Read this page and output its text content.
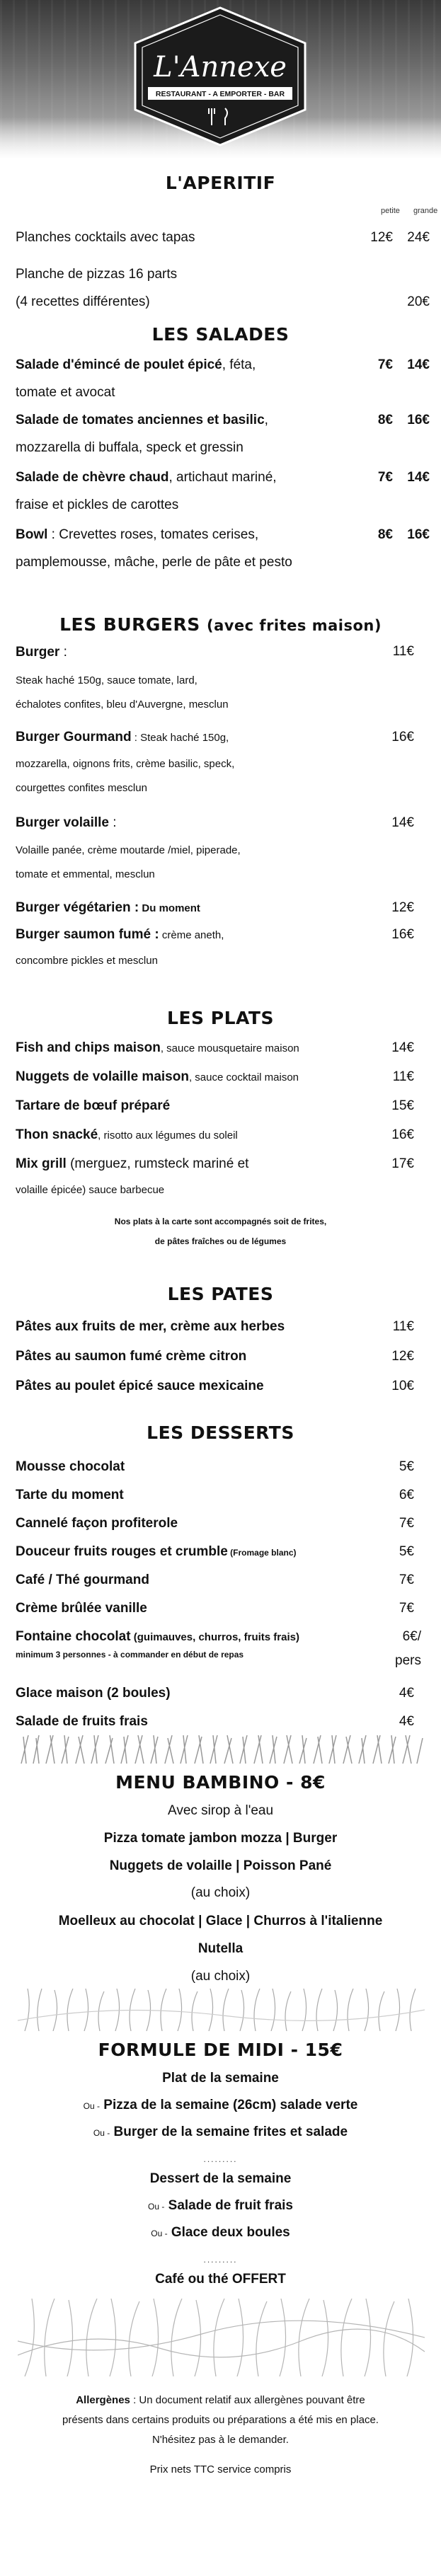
L'Annexe
RESTAURANT - A EMPORTER - BAR
L'APERITIF
petite grande
Planches cocktails avec tapas	12€	24€
Planche de pizzas 16 parts
(4 recettes différentes)	20€
LES SALADES
Salade d'émincé de poulet épicé, féta,
tomate et avocat
7€	14€
Salade de tomates anciennes et basilic,
mozzarella di buffala, speck et gressin
8€	16€
Salade de chèvre chaud, artichaut mariné,
fraise et pickles de carottes
7€	14€
Bowl : Crevettes roses, tomates cerises,
pamplemousse, mâche, perle de pâte et pesto
8€	16€
LES BURGERS (avec frites maison)
Burger :
Steak haché 150g, sauce tomate, lard,
échalotes confites, bleu d'Auvergne, mesclun
11€
Burger Gourmand : Steak haché 150g,
mozzarella, oignons frits, crème basilic, speck,
courgettes confites mesclun
16€
Burger volaille :
Volaille panée, crème moutarde /miel, piperade,
tomate et emmental, mesclun
14€
Burger végétarien : Du moment	12€
Burger saumon fumé : crème aneth,
concombre pickles et mesclun
16€
LES PLATS
Fish and chips maison, sauce mousquetaire maison	14€
Nuggets de volaille maison, sauce cocktail maison	11€
Tartare de bœuf préparé	15€
Thon snacké, risotto aux légumes du soleil	16€
Mix grill (merguez, rumsteck mariné et
volaille épicée) sauce barbecue
17€
Nos plats à la carte sont accompagnés soit de frites,
de pâtes fraîches ou de légumes
LES PATES
Pâtes aux fruits de mer, crème aux herbes	11€
Pâtes au saumon fumé crème citron	12€
Pâtes au poulet épicé sauce mexicaine	10€
LES DESSERTS
Mousse chocolat	5€
Tarte du moment	6€
Cannelé façon profiterole	7€
Douceur fruits rouges et crumble (Fromage blanc)	5€
Café / Thé gourmand	7€
Crème brûlée vanille	7€
Fontaine chocolat (guimauves, churros, fruits frais)
minimum 3 personnes - à commander en début de repas
6€/
pers
Glace maison (2 boules)	4€
Salade de fruits frais	4€
MENU BAMBINO - 8€
Avec sirop à l'eau
Pizza tomate jambon mozza | Burger
Nuggets de volaille | Poisson Pané
(au choix)
Moelleux au chocolat | Glace | Churros à l'italienne
Nutella
(au choix)
FORMULE DE MIDI - 15€
Plat de la semaine
Ou - Pizza de la semaine (26cm) salade verte
Ou - Burger de la semaine frites et salade
.........
Dessert de la semaine
Ou - Salade de fruit frais
Ou - Glace deux boules
.........
Café ou thé OFFERT
Allergènes : Un document relatif aux allergènes pouvant être
présents dans certains produits ou préparations a été mis en place.
N'hésitez pas à le demander.
Prix nets TTC service compris
